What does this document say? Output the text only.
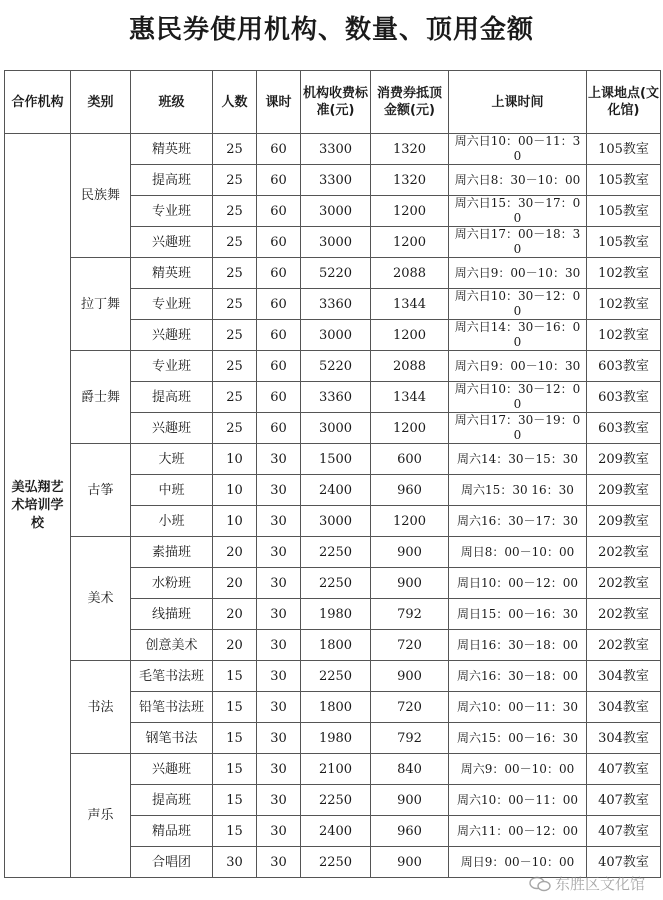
惠民券使用机构、数量、顶用金额
合作机构	类别	班级	人数	课时	机构收费标准(元)	消费券抵顶金额(元)	上课时间	上课地点(文化馆)
美弘翔艺术培训学校	民族舞	精英班	25	60	3300	1320	周六日10：00－11：30	105教室
		提高班	25	60	3300	1320	周六日8：30－10：00	105教室
		专业班	25	60	3000	1200	周六日15：30－17：00	105教室
		兴趣班	25	60	3000	1200	周六日17：00－18：30	105教室
	拉丁舞	精英班	25	60	5220	2088	周六日9：00－10：30	102教室
		专业班	25	60	3360	1344	周六日10：30－12：00	102教室
		兴趣班	25	60	3000	1200	周六日14：30－16：00	102教室
	爵士舞	专业班	25	60	5220	2088	周六日9：00－10：30	603教室
		提高班	25	60	3360	1344	周六日10：30－12：00	603教室
		兴趣班	25	60	3000	1200	周六日17：30－19：00	603教室
	古筝	大班	10	30	1500	600	周六14：30－15：30	209教室
		中班	10	30	2400	960	周六15：30 16：30	209教室
		小班	10	30	3000	1200	周六16：30－17：30	209教室
	美术	素描班	20	30	2250	900	周日8：00－10：00	202教室
		水粉班	20	30	2250	900	周日10：00－12：00	202教室
		线描班	20	30	1980	792	周日15：00－16：30	202教室
		创意美术	20	30	1800	720	周日16：30－18：00	202教室
	书法	毛笔书法班	15	30	2250	900	周六16：30－18：00	304教室
		铅笔书法班	15	30	1800	720	周六10：00－11：30	304教室
		钢笔书法	15	30	1980	792	周六15：00－16：30	304教室
	声乐	兴趣班	15	30	2100	840	周六9：00－10：00	407教室
		提高班	15	30	2250	900	周六10：00－11：00	407教室
		精品班	15	30	2400	960	周六11：00－12：00	407教室
		合唱团	30	30	2250	900	周日9：00－10：00	407教室
东胜区文化馆
